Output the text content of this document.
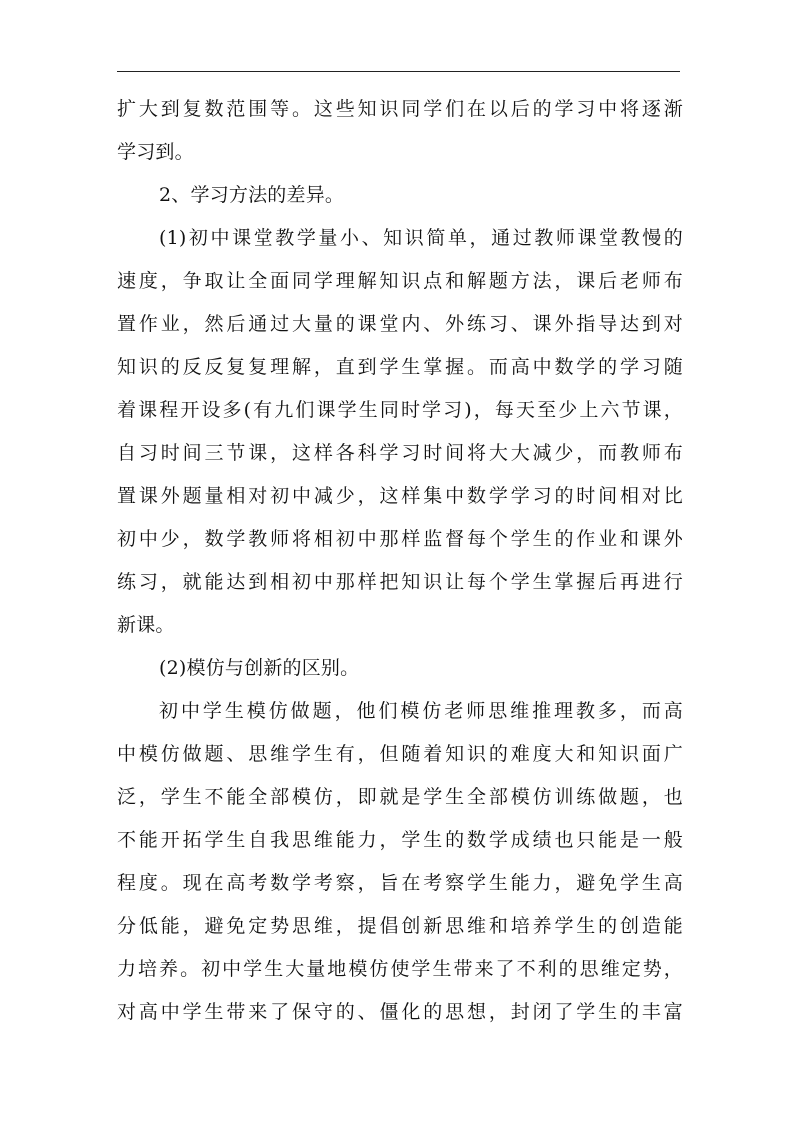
扩大到复数范围等。这些知识同学们在以后的学习中将逐渐
学习到。
2、学习方法的差异。
(1)初中课堂教学量小、知识简单，通过教师课堂教慢的
速度，争取让全面同学理解知识点和解题方法，课后老师布
置作业，然后通过大量的课堂内、外练习、课外指导达到对
知识的反反复复理解，直到学生掌握。而高中数学的学习随
着课程开设多(有九们课学生同时学习)，每天至少上六节课，
自习时间三节课，这样各科学习时间将大大减少，而教师布
置课外题量相对初中减少，这样集中数学学习的时间相对比
初中少，数学教师将相初中那样监督每个学生的作业和课外
练习，就能达到相初中那样把知识让每个学生掌握后再进行
新课。
(2)模仿与创新的区别。
初中学生模仿做题，他们模仿老师思维推理教多，而高
中模仿做题、思维学生有，但随着知识的难度大和知识面广
泛，学生不能全部模仿，即就是学生全部模仿训练做题，也
不能开拓学生自我思维能力，学生的数学成绩也只能是一般
程度。现在高考数学考察，旨在考察学生能力，避免学生高
分低能，避免定势思维，提倡创新思维和培养学生的创造能
力培养。初中学生大量地模仿使学生带来了不利的思维定势，
对高中学生带来了保守的、僵化的思想，封闭了学生的丰富
